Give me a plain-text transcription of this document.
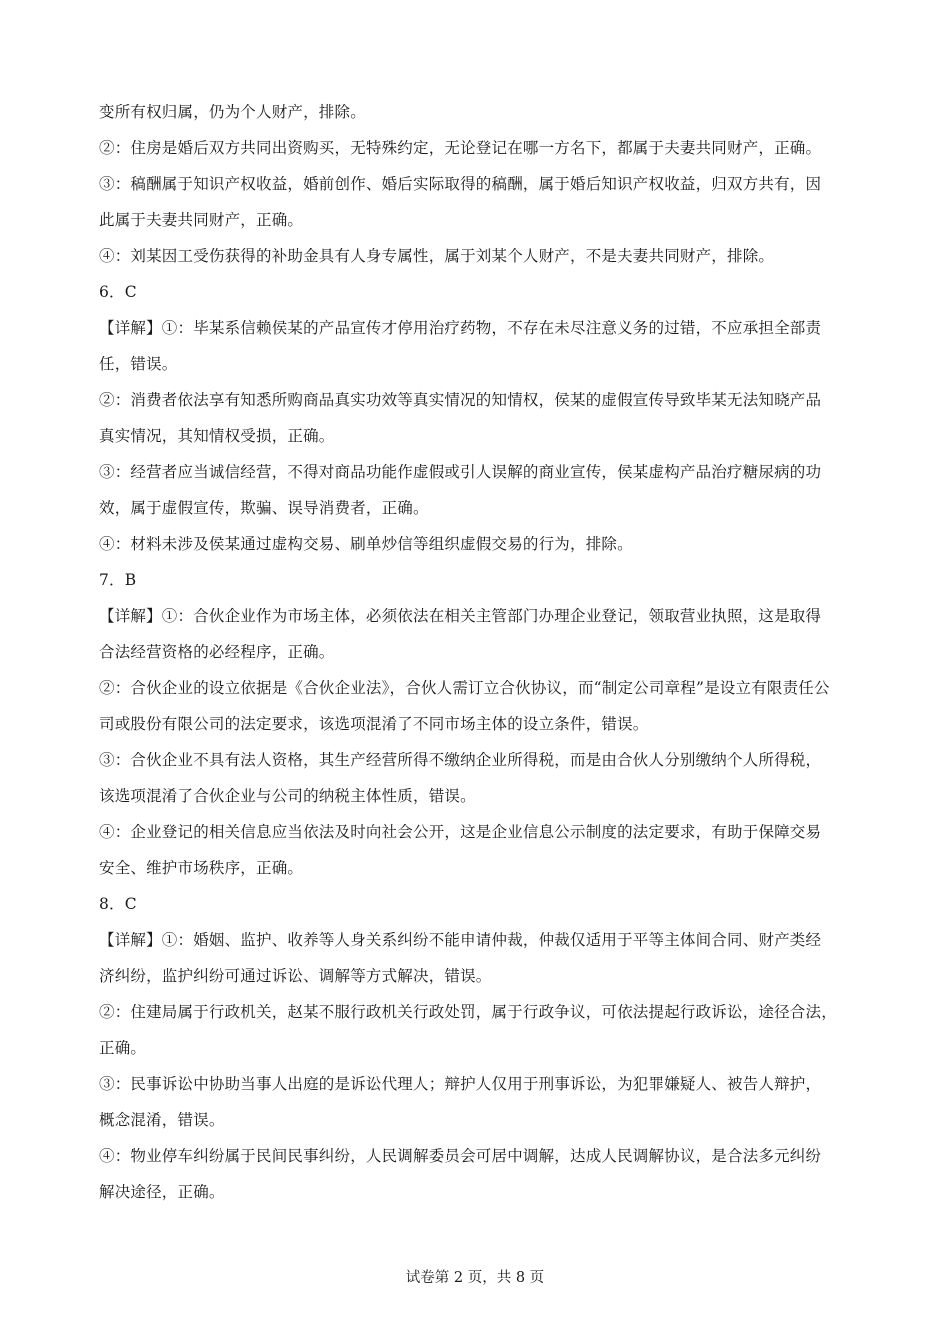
变所有权归属，仍为个人财产，排除。
②：住房是婚后双方共同出资购买，无特殊约定，无论登记在哪一方名下，都属于夫妻共同财产，正确。
③：稿酬属于知识产权收益，婚前创作、婚后实际取得的稿酬，属于婚后知识产权收益，归双方共有，因
此属于夫妻共同财产，正确。
④：刘某因工受伤获得的补助金具有人身专属性，属于刘某个人财产，不是夫妻共同财产，排除。
6．C
【详解】①：毕某系信赖侯某的产品宣传才停用治疗药物，不存在未尽注意义务的过错，不应承担全部责
任，错误。
②：消费者依法享有知悉所购商品真实功效等真实情况的知情权，侯某的虚假宣传导致毕某无法知晓产品
真实情况，其知情权受损，正确。
③：经营者应当诚信经营，不得对商品功能作虚假或引人误解的商业宣传，侯某虚构产品治疗糖尿病的功
效，属于虚假宣传，欺骗、误导消费者，正确。
④：材料未涉及侯某通过虚构交易、刷单炒信等组织虚假交易的行为，排除。
7．B
【详解】①：合伙企业作为市场主体，必须依法在相关主管部门办理企业登记，领取营业执照，这是取得
合法经营资格的必经程序，正确。
②：合伙企业的设立依据是《合伙企业法》，合伙人需订立合伙协议，而“制定公司章程”是设立有限责任公
司或股份有限公司的法定要求，该选项混淆了不同市场主体的设立条件，错误。
③：合伙企业不具有法人资格，其生产经营所得不缴纳企业所得税，而是由合伙人分别缴纳个人所得税，
该选项混淆了合伙企业与公司的纳税主体性质，错误。
④：企业登记的相关信息应当依法及时向社会公开，这是企业信息公示制度的法定要求，有助于保障交易
安全、维护市场秩序，正确。
8．C
【详解】①：婚姻、监护、收养等人身关系纠纷不能申请仲裁，仲裁仅适用于平等主体间合同、财产类经
济纠纷，监护纠纷可通过诉讼、调解等方式解决，错误。
②：住建局属于行政机关，赵某不服行政机关行政处罚，属于行政争议，可依法提起行政诉讼，途径合法，
正确。
③：民事诉讼中协助当事人出庭的是诉讼代理人；辩护人仅用于刑事诉讼，为犯罪嫌疑人、被告人辩护，
概念混淆，错误。
④：物业停车纠纷属于民间民事纠纷，人民调解委员会可居中调解，达成人民调解协议，是合法多元纠纷
解决途径，正确。
试卷第 2 页，共 8 页
